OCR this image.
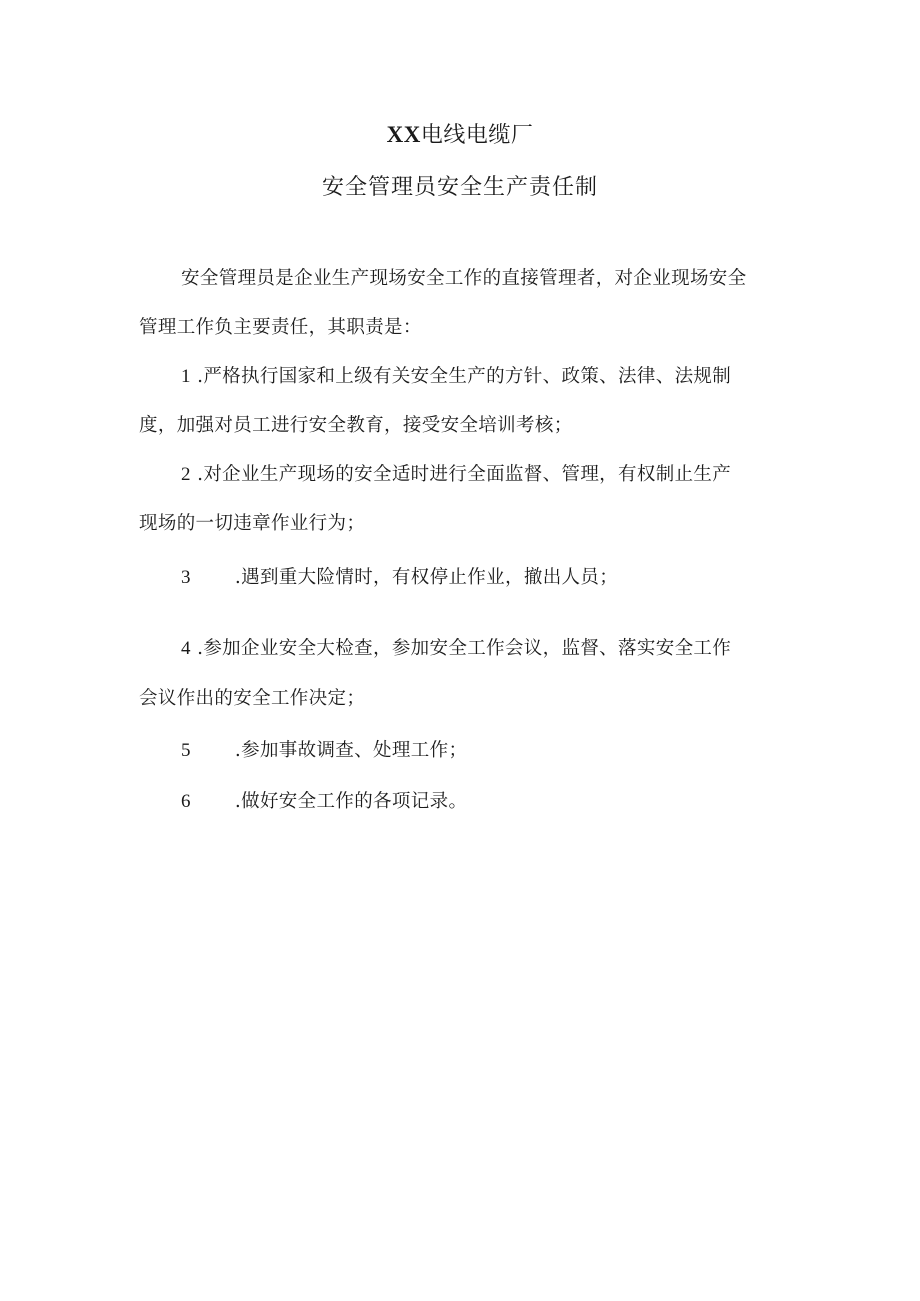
XX电线电缆厂
安全管理员安全生产责任制
安全管理员是企业生产现场安全工作的直接管理者，对企业现场安全
管理工作负主要责任，其职责是：
1 .严格执行国家和上级有关安全生产的方针、政策、法律、法规制
度，加强对员工进行安全教育，接受安全培训考核；
2 .对企业生产现场的安全适时进行全面监督、管理，有权制止生产
现场的一切违章作业行为；
3 .遇到重大险情时，有权停止作业，撤出人员；
4 .参加企业安全大检查，参加安全工作会议，监督、落实安全工作
会议作出的安全工作决定；
5 .参加事故调查、处理工作；
6 .做好安全工作的各项记录。
